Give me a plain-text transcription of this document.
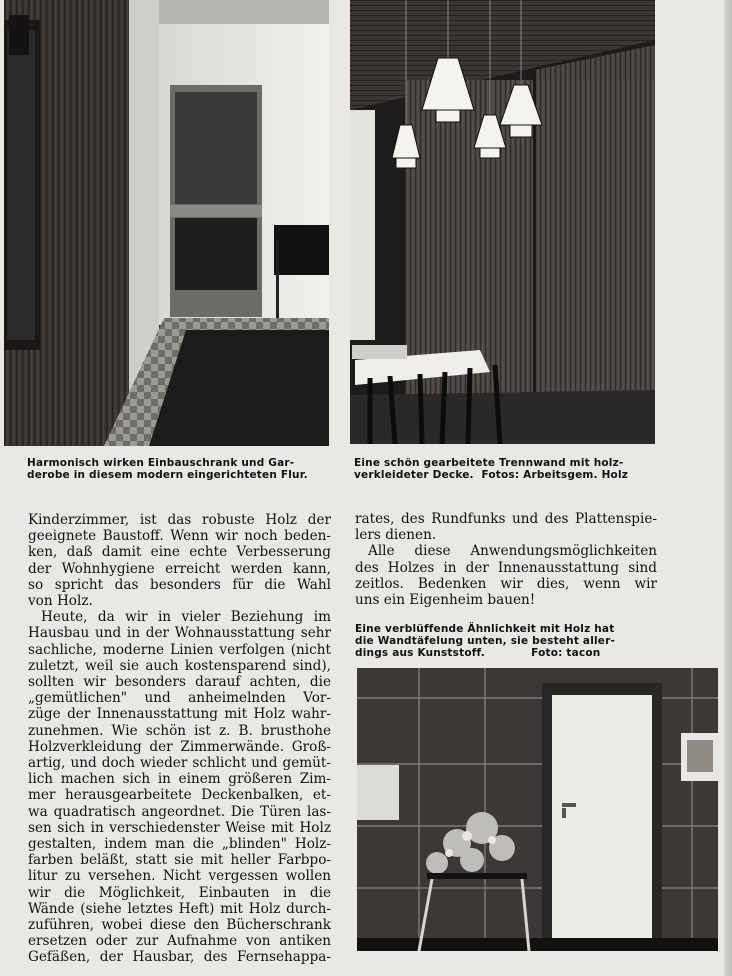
Harmonisch wirken Einbauschrank und Gar-
derobe in diesem modern eingerichteten Flur.

Eine schön gearbeitete Trennwand mit holz-
verkleideter Decke.  Fotos: Arbeitsgem. Holz

Eine verblüffende Ähnlichkeit mit Holz hat
die Wandtäfelung unten, sie besteht aller-
dings aus Kunststoff.            Foto: tacon

Kinderzimmer, ist das robuste Holz der
geeignete Baustoff. Wenn wir noch beden-
ken, daß damit eine echte Verbesserung
der Wohnhygiene erreicht werden kann,
so spricht das besonders für die Wahl
von Holz.
Heute, da wir in vieler Beziehung im
Hausbau und in der Wohnausstattung sehr
sachliche, moderne Linien verfolgen (nicht
zuletzt, weil sie auch kostensparend sind),
sollten wir besonders darauf achten, die
„gemütlichen" und anheimelnden Vor-
züge der Innenausstattung mit Holz wahr-
zunehmen. Wie schön ist z. B. brusthohe
Holzverkleidung der Zimmerwände. Groß-
artig, und doch wieder schlicht und gemüt-
lich machen sich in einem größeren Zim-
mer herausgearbeitete Deckenbalken, et-
wa quadratisch angeordnet. Die Türen las-
sen sich in verschiedenster Weise mit Holz
gestalten, indem man die „blinden" Holz-
farben beläßt, statt sie mit heller Farbpo-
litur zu versehen. Nicht vergessen wollen
wir die Möglichkeit, Einbauten in die
Wände (siehe letztes Heft) mit Holz durch-
zuführen, wobei diese den Bücherschrank
ersetzen oder zur Aufnahme von antiken
Gefäßen, der Hausbar, des Fernsehappa-
rates, des Rundfunks und des Plattenspie-
lers dienen.
Alle diese Anwendungsmöglichkeiten
des Holzes in der Innenausstattung sind
zeitlos. Bedenken wir dies, wenn wir
uns ein Eigenheim bauen!
